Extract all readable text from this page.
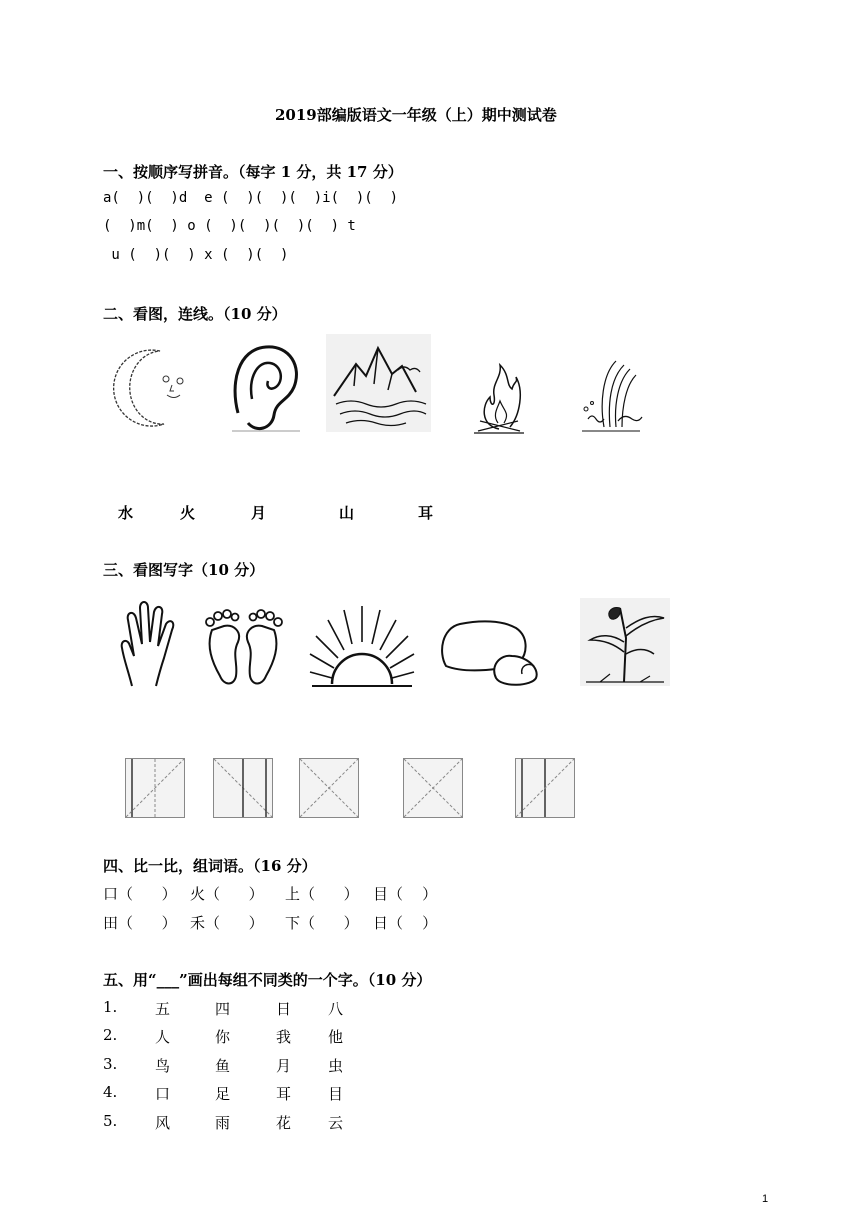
2019部编版语文一年级（上）期中测试卷
一、按顺序写拼音。（每字 1 分，共 17 分）
a(  )(  )d  e (  )(  )(  )i(  )(  )
(  )m(  ) o (  )(  )(  )(  ) t
u (  )(  ) x (  )(  )
二、看图，连线。（10 分）
水	火	月	山	耳
三、看图写字（10 分）
四、比一比，组词语。（16 分）
口（      ） 火（      ） 上（      ） 目（    ）
田（      ） 禾（      ） 下（      ） 日（    ）
五、用“___”画出每组不同类的一个字。（10 分）
1.	五	四	日 八
2.	人	你	我 他
3.	鸟	鱼	月 虫
4.	口	足	耳 目
5.	风	雨	花 云
1
